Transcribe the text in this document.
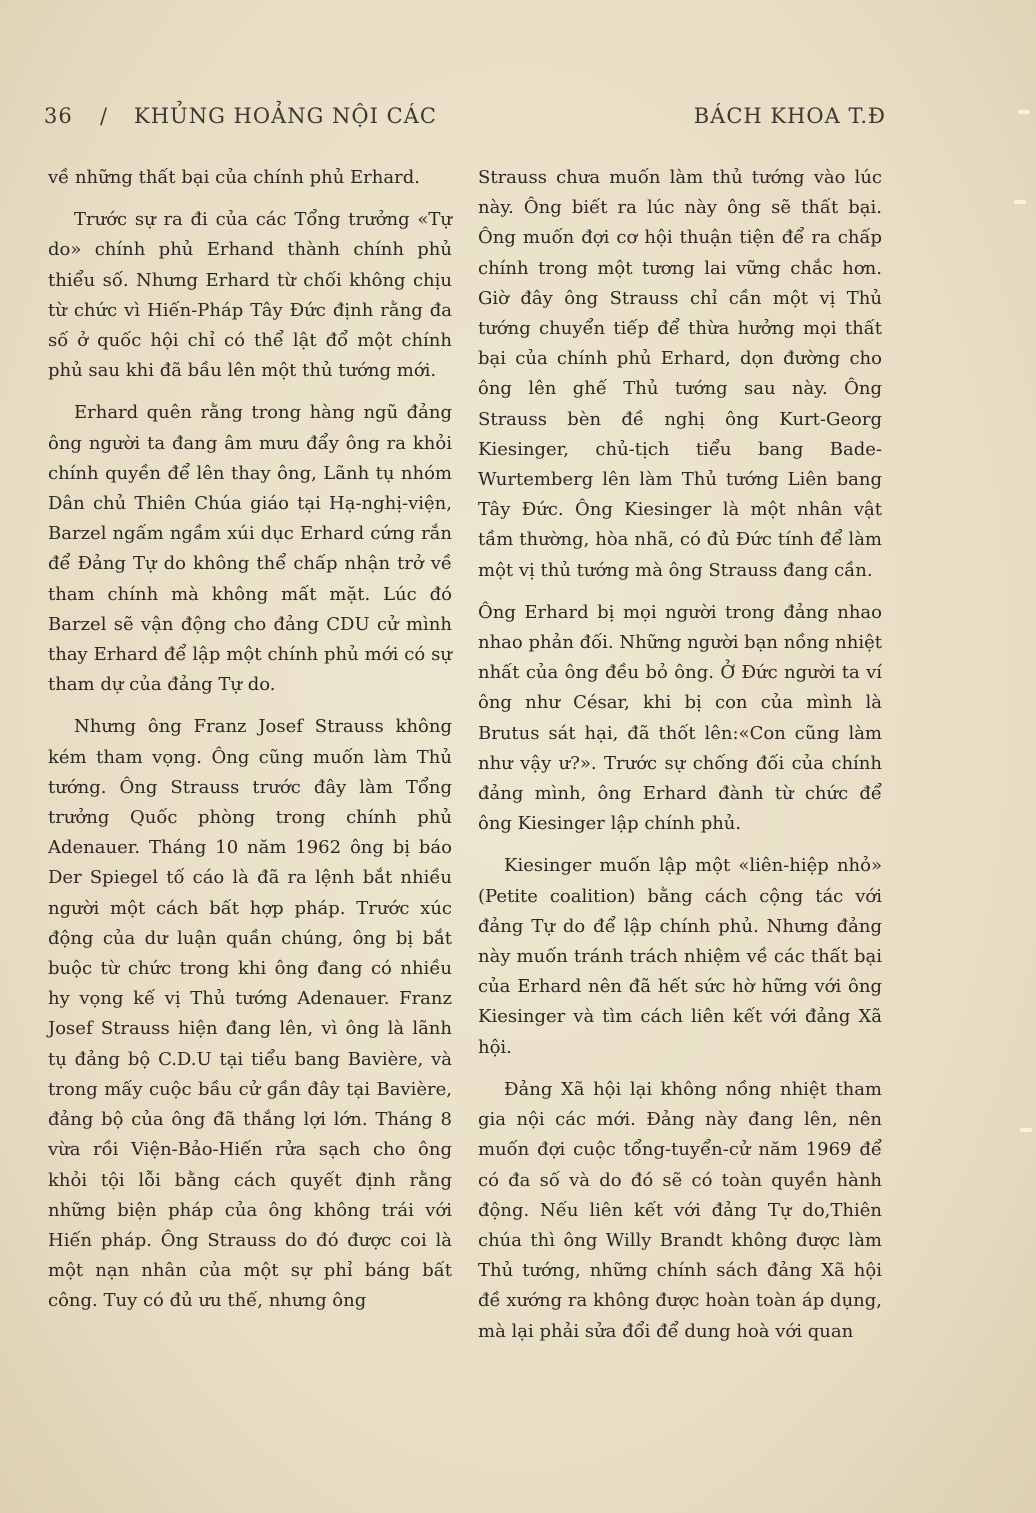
36 / KHỦNG HOẢNG NỘI CÁC	BÁCH KHOA T.Đ

về những thất bại của chính phủ Erhard.

Trước sự ra đi của các Tổng trưởng «Tự do» chính phủ Erhand thành chính phủ thiểu số. Nhưng Erhard từ chối không chịu từ chức vì Hiến-Pháp Tây Đức định rằng đa số ở quốc hội chỉ có thể lật đổ một chính phủ sau khi đã bầu lên một thủ tướng mới.

Erhard quên rằng trong hàng ngũ đảng ông người ta đang âm mưu đẩy ông ra khỏi chính quyền để lên thay ông, Lãnh tụ nhóm Dân chủ Thiên Chúa giáo tại Hạ-nghị-viện, Barzel ngấm ngầm xúi dục Erhard cứng rắn để Đảng Tự do không thể chấp nhận trở về tham chính mà không mất mặt. Lúc đó Barzel sẽ vận động cho đảng CDU cử mình thay Erhard để lập một chính phủ mới có sự tham dự của đảng Tự do.

Nhưng ông Franz Josef Strauss không kém tham vọng. Ông cũng muốn làm Thủ tướng. Ông Strauss trước đây làm Tổng trưởng Quốc phòng trong chính phủ Adenauer. Tháng 10 năm 1962 ông bị báo Der Spiegel tố cáo là đã ra lệnh bắt nhiều người một cách bất hợp pháp. Trước xúc động của dư luận quần chúng, ông bị bắt buộc từ chức trong khi ông đang có nhiều hy vọng kế vị Thủ tướng Adenauer. Franz Josef Strauss hiện đang lên, vì ông là lãnh tụ đảng bộ C.D.U tại tiểu bang Bavière, và trong mấy cuộc bầu cử gần đây tại Bavière, đảng bộ của ông đã thắng lợi lớn. Tháng 8 vừa rồi Viện-Bảo-Hiến rửa sạch cho ông khỏi tội lỗi bằng cách quyết định rằng những biện pháp của ông không trái với Hiến pháp. Ông Strauss do đó được coi là một nạn nhân của một sự phỉ báng bất công. Tuy có đủ ưu thế, nhưng ông

Strauss chưa muốn làm thủ tướng vào lúc này. Ông biết ra lúc này ông sẽ thất bại. Ông muốn đợi cơ hội thuận tiện để ra chấp chính trong một tương lai vững chắc hơn. Giờ đây ông Strauss chỉ cần một vị Thủ tướng chuyển tiếp để thừa hưởng mọi thất bại của chính phủ Erhard, dọn đường cho ông lên ghế Thủ tướng sau này. Ông Strauss bèn đề nghị ông Kurt-Georg Kiesinger, chủ-tịch tiểu bang Bade-Wurtemberg lên làm Thủ tướng Liên bang Tây Đức. Ông Kiesinger là một nhân vật tầm thường, hòa nhã, có đủ Đức tính để làm một vị thủ tướng mà ông Strauss đang cần.

Ông Erhard bị mọi người trong đảng nhao nhao phản đối. Những người bạn nồng nhiệt nhất của ông đều bỏ ông. Ở Đức người ta ví ông như César, khi bị con của mình là Brutus sát hại, đã thốt lên:«Con cũng làm như vậy ư?». Trước sự chống đối của chính đảng mình, ông Erhard đành từ chức để ông Kiesinger lập chính phủ.

Kiesinger muốn lập một «liên-hiệp nhỏ» (Petite coalition) bằng cách cộng tác với đảng Tự do để lập chính phủ. Nhưng đảng này muốn tránh trách nhiệm về các thất bại của Erhard nên đã hết sức hờ hững với ông Kiesinger và tìm cách liên kết với đảng Xã hội.

Đảng Xã hội lại không nồng nhiệt tham gia nội các mới. Đảng này đang lên, nên muốn đợi cuộc tổng-tuyển-cử năm 1969 để có đa số và do đó sẽ có toàn quyền hành động. Nếu liên kết với đảng Tự do,Thiên chúa thì ông Willy Brandt không được làm Thủ tướng, những chính sách đảng Xã hội đề xướng ra không được hoàn toàn áp dụng, mà lại phải sửa đổi để dung hoà với quan
